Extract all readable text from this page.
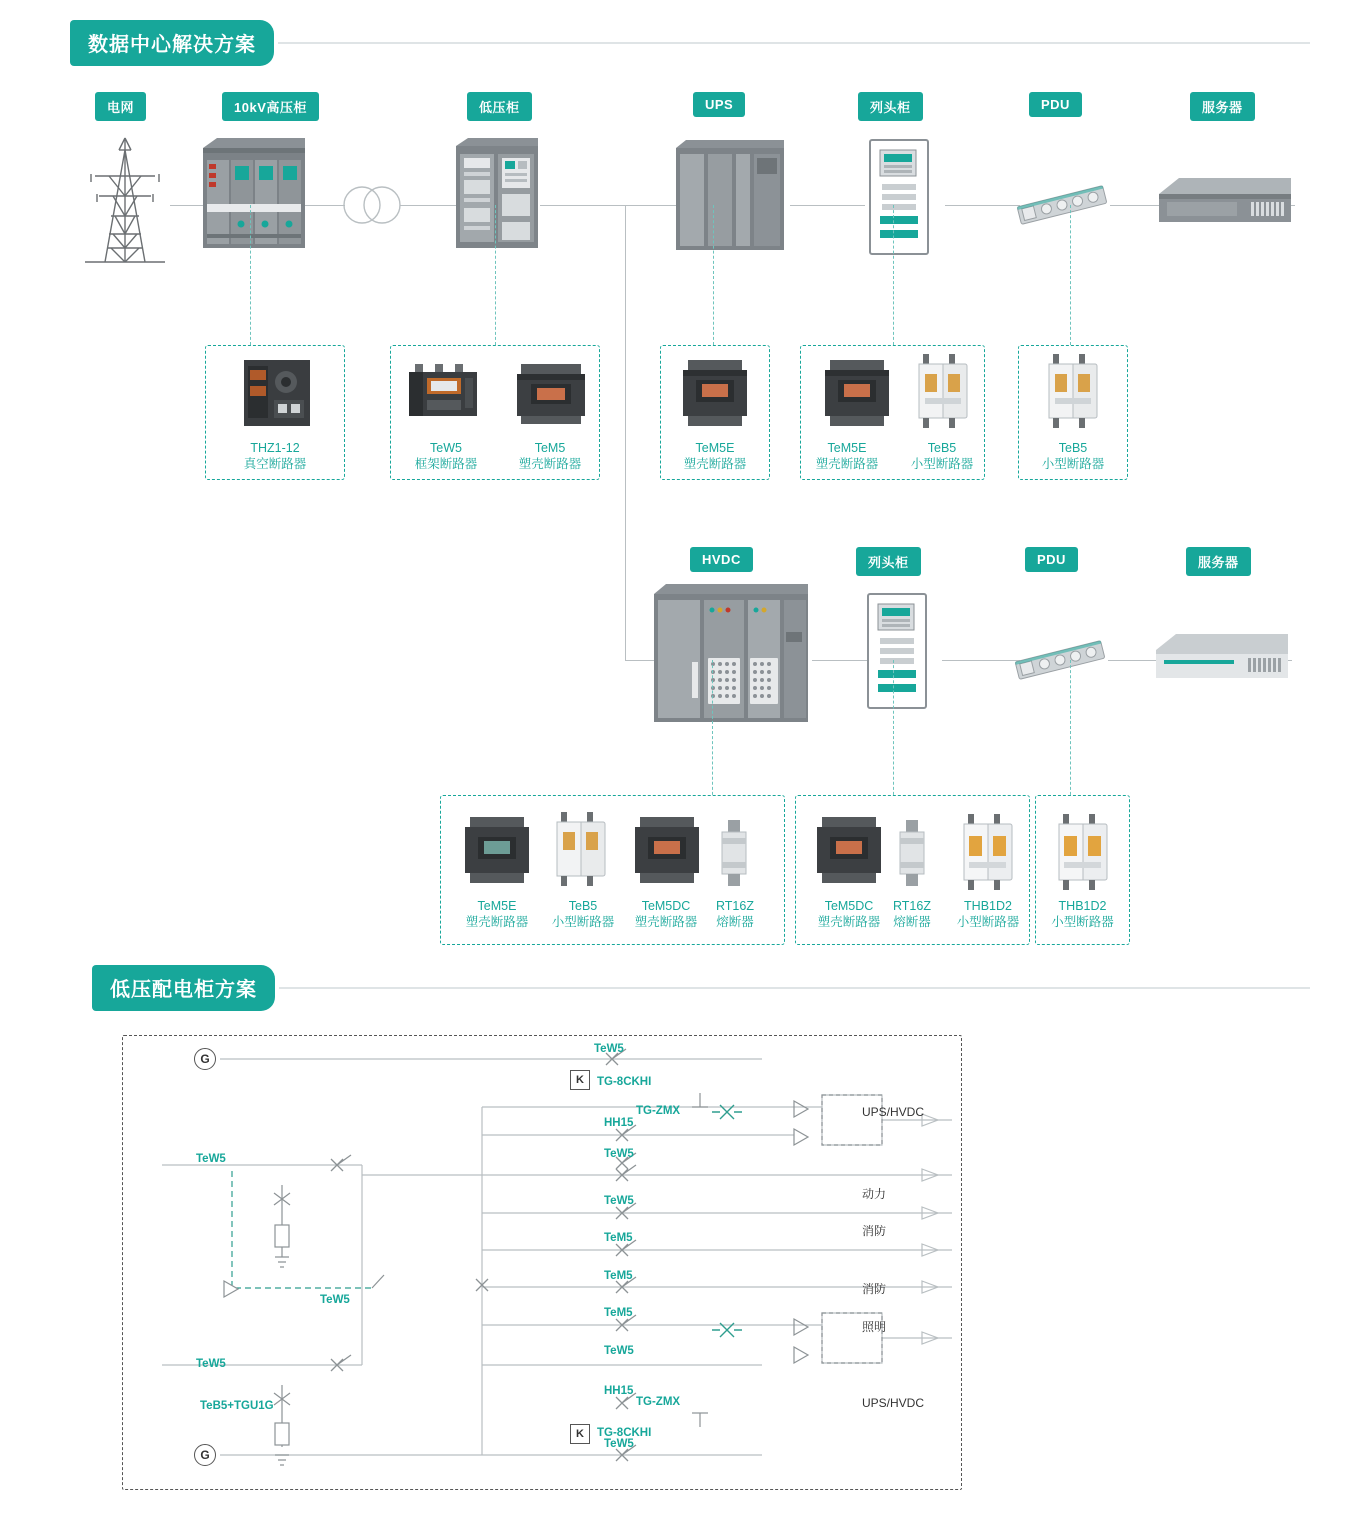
数据中心解决方案
电网	10kV高压柜	低压柜	UPS	列头柜	PDU	服务器
THZ1-12
真空断路器
TeW5
框架断路器
TeM5
塑壳断路器
TeM5E
塑壳断路器
TeM5E
塑壳断路器
TeB5
小型断路器
TeB5
小型断路器
HVDC	列头柜	PDU	服务器
TeM5E
塑壳断路器
TeB5
小型断路器
TeM5DC
塑壳断路器
RT16Z
熔断器
TeM5DC
塑壳断路器
RT16Z
熔断器
THB1D2
小型断路器
THB1D2
小型断路器
低压配电柜方案
TeW5
HH15
TeW5
TeW5
TeM5
TeM5
TeM5
TeW5
HH15
TeW5
TeW5
TeW5
TeW5
TeB5+TGU1G
TG-8CKHI
TG-ZMX
TG-ZMX
TG-8CKHI
G
G
K
K
UPS/HVDC
动力
消防
消防
照明
UPS/HVDC
